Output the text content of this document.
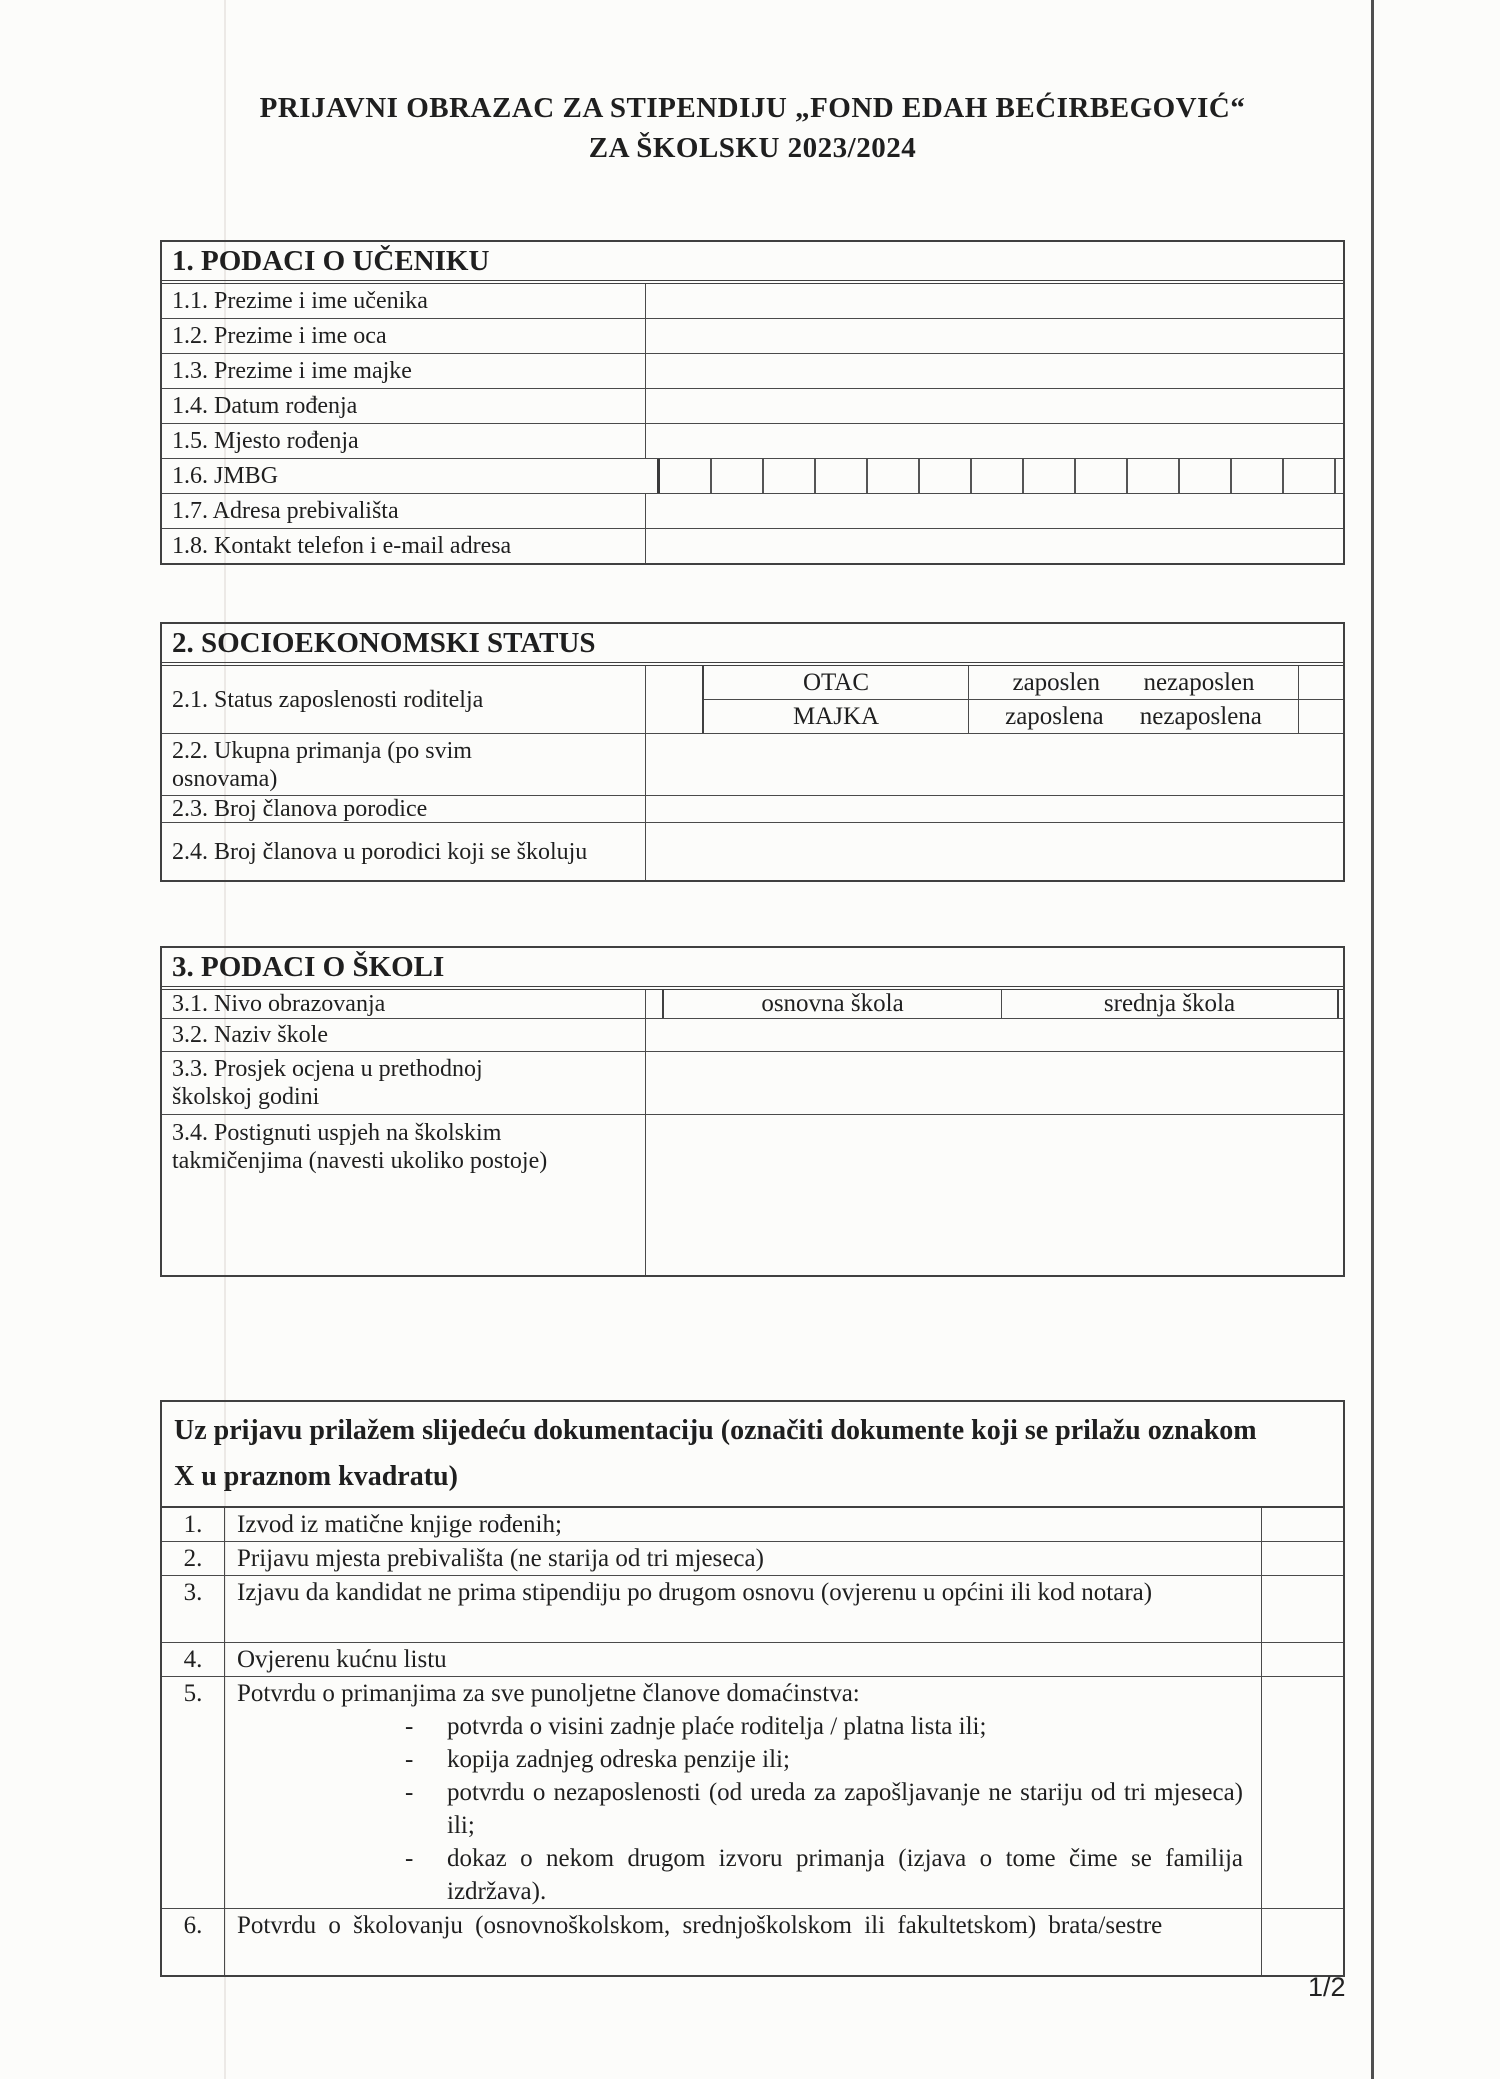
PRIJAVNI OBRAZAC ZA STIPENDIJU „FOND EDAH BEĆIRBEGOVIĆ“
ZA ŠKOLSKU 2023/2024
1. PODACI O UČENIKU
1.1. Prezime i ime učenika
1.2. Prezime i ime oca
1.3. Prezime i ime majke
1.4. Datum rođenja
1.5. Mjesto rođenja
1.6. JMBG
1.7. Adresa prebivališta
1.8. Kontakt telefon i e-mail adresa
2. SOCIOEKONOMSKI STATUS
2.1. Status zaposlenosti roditelja
OTAC	zaposlen nezaposlen
MAJKA	zaposlena nezaposlena
2.2. Ukupna primanja (po svim osnovama)
2.3. Broj članova porodice
2.4. Broj članova u porodici koji se školuju
3. PODACI O ŠKOLI
3.1. Nivo obrazovanja	osnovna škola	srednja škola
3.2. Naziv škole
3.3. Prosjek ocjena u prethodnoj školskoj godini
3.4. Postignuti uspjeh na školskim takmičenjima (navesti ukoliko postoje)
Uz prijavu prilažem slijedeću dokumentaciju (označiti dokumente koji se prilažu oznakom X u praznom kvadratu)
1.	Izvod iz matične knjige rođenih;

2.	Prijavu mjesta prebivališta (ne starija od tri mjeseca)

3.	Izjavu da kandidat ne prima stipendiju po drugom osnovu (ovjerenu u općini ili kod notara)

4.	Ovjerenu kućnu listu

5.	Potvrdu o primanjima za sve punoljetne članove domaćinstva:

-	potvrda o visini zadnje plaće roditelja / platna lista ili;

-	kopija zadnjeg odreska penzije ili;

-	potvrdu o nezaposlenosti (od ureda za zapošljavanje ne stariju od tri mjeseca) ili;

-	dokaz o nekom drugom izvoru primanja (izjava o tome čime se familija izdržava).

6.	Potvrdu o školovanju (osnovnoškolskom, srednjoškolskom ili fakultetskom) brata/sestre

1/2
